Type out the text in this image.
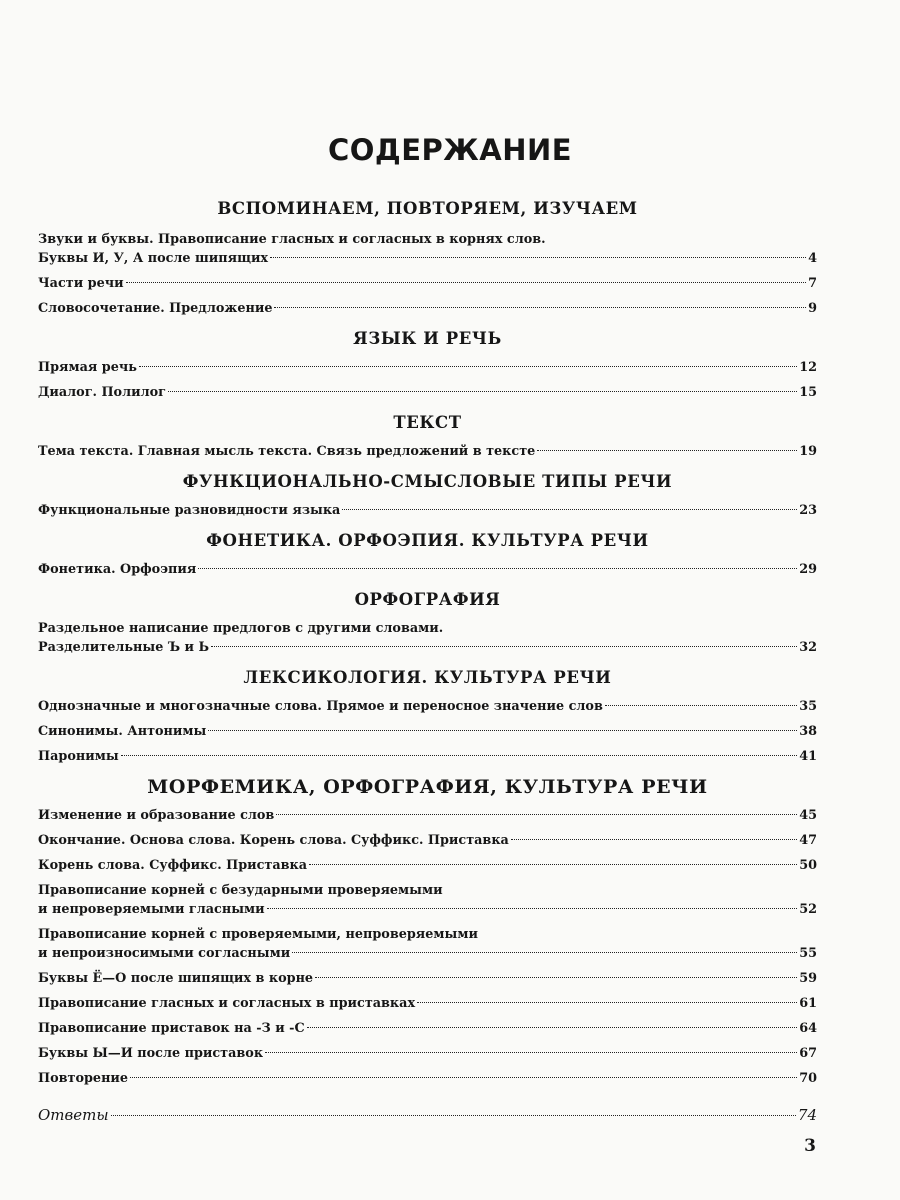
СОДЕРЖАНИЕ
ВСПОМИНАЕМ, ПОВТОРЯЕМ, ИЗУЧАЕМ
Звуки и буквы. Правописание гласных и согласных в корнях слов.
Буквы И, У, А после шипящих	4
Части речи	7
Словосочетание. Предложение	9
ЯЗЫК И РЕЧЬ
Прямая речь	12
Диалог. Полилог	15
ТЕКСТ
Тема текста. Главная мысль текста. Связь предложений в тексте	19
ФУНКЦИОНАЛЬНО-СМЫСЛОВЫЕ ТИПЫ РЕЧИ
Функциональные разновидности языка	23
ФОНЕТИКА. ОРФОЭПИЯ. КУЛЬТУРА РЕЧИ
Фонетика. Орфоэпия	29
ОРФОГРАФИЯ
Раздельное написание предлогов с другими словами.
Разделительные Ъ и Ь	32
ЛЕКСИКОЛОГИЯ. КУЛЬТУРА РЕЧИ
Однозначные и многозначные слова. Прямое и переносное значение слов	35
Синонимы. Антонимы	38
Паронимы	41
МОРФЕМИКА, ОРФОГРАФИЯ, КУЛЬТУРА РЕЧИ
Изменение и образование слов	45
Окончание. Основа слова. Корень слова. Суффикс. Приставка	47
Корень слова. Суффикс. Приставка	50
Правописание корней с безударными проверяемыми
и непроверяемыми гласными	52
Правописание корней с проверяемыми, непроверяемыми
и непроизносимыми согласными	55
Буквы Ё—О после шипящих в корне	59
Правописание гласных и согласных в приставках	61
Правописание приставок на -З и -С	64
Буквы Ы—И после приставок	67
Повторение	70
Ответы	74
3
